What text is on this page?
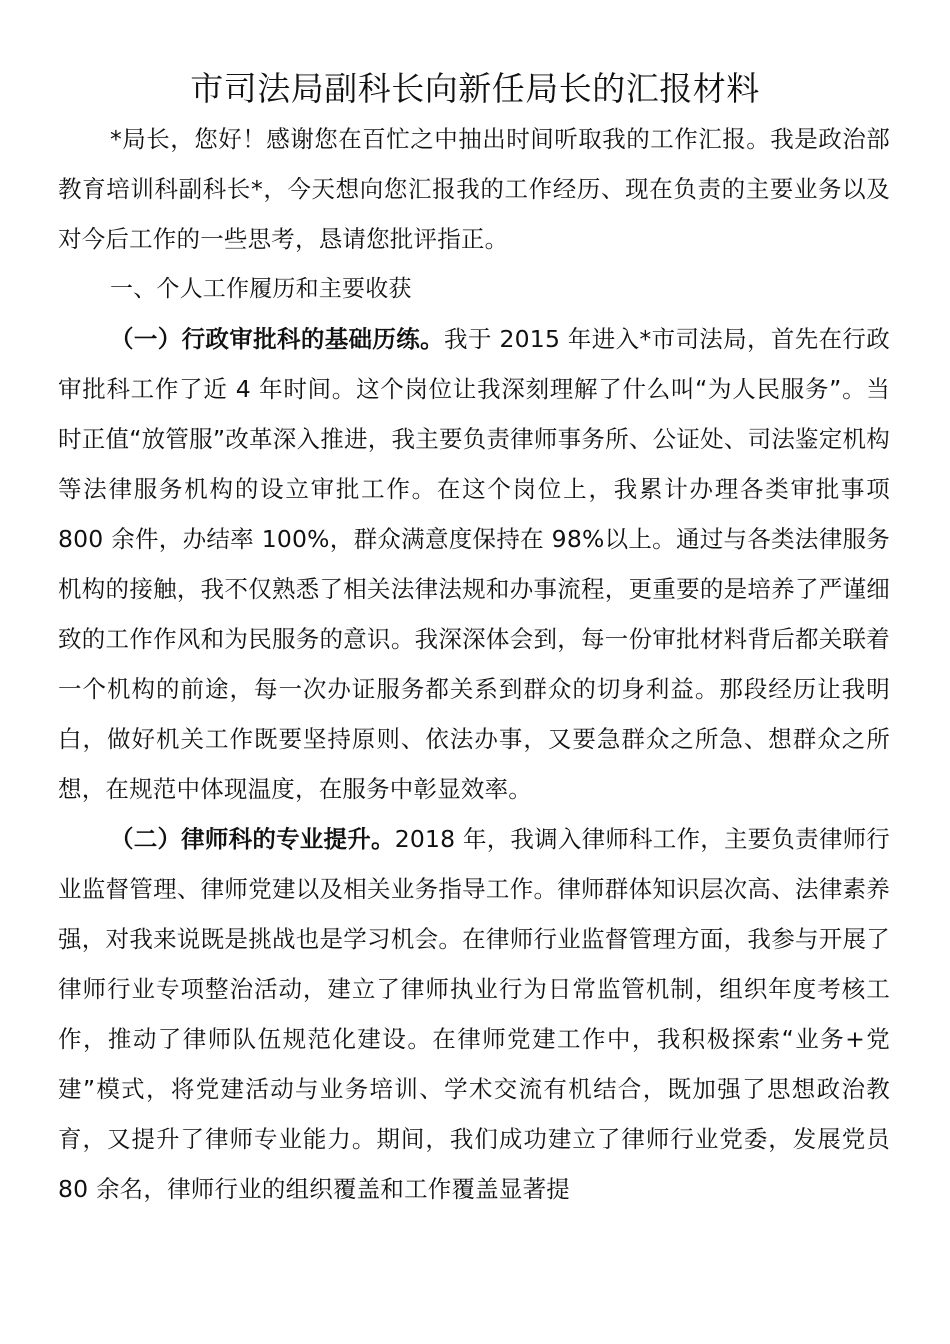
市司法局副科长向新任局长的汇报材料

*局长，您好！感谢您在百忙之中抽出时间听取我的工作汇报。我是政治部教育培训科副科长*，今天想向您汇报我的工作经历、现在负责的主要业务以及对今后工作的一些思考，恳请您批评指正。

一、个人工作履历和主要收获

（一）行政审批科的基础历练。我于 2015 年进入*市司法局，首先在行政审批科工作了近 4 年时间。这个岗位让我深刻理解了什么叫“为人民服务”。当时正值“放管服”改革深入推进，我主要负责律师事务所、公证处、司法鉴定机构等法律服务机构的设立审批工作。在这个岗位上，我累计办理各类审批事项 800 余件，办结率 100%，群众满意度保持在 98%以上。通过与各类法律服务机构的接触，我不仅熟悉了相关法律法规和办事流程，更重要的是培养了严谨细致的工作作风和为民服务的意识。我深深体会到，每一份审批材料背后都关联着一个机构的前途，每一次办证服务都关系到群众的切身利益。那段经历让我明白，做好机关工作既要坚持原则、依法办事，又要急群众之所急、想群众之所想，在规范中体现温度，在服务中彰显效率。

（二）律师科的专业提升。2018 年，我调入律师科工作，主要负责律师行业监督管理、律师党建以及相关业务指导工作。律师群体知识层次高、法律素养强，对我来说既是挑战也是学习机会。在律师行业监督管理方面，我参与开展了律师行业专项整治活动，建立了律师执业行为日常监管机制，组织年度考核工作，推动了律师队伍规范化建设。在律师党建工作中，我积极探索“业务+党建”模式，将党建活动与业务培训、学术交流有机结合，既加强了思想政治教育，又提升了律师专业能力。期间，我们成功建立了律师行业党委，发展党员 80 余名，律师行业的组织覆盖和工作覆盖显著提
